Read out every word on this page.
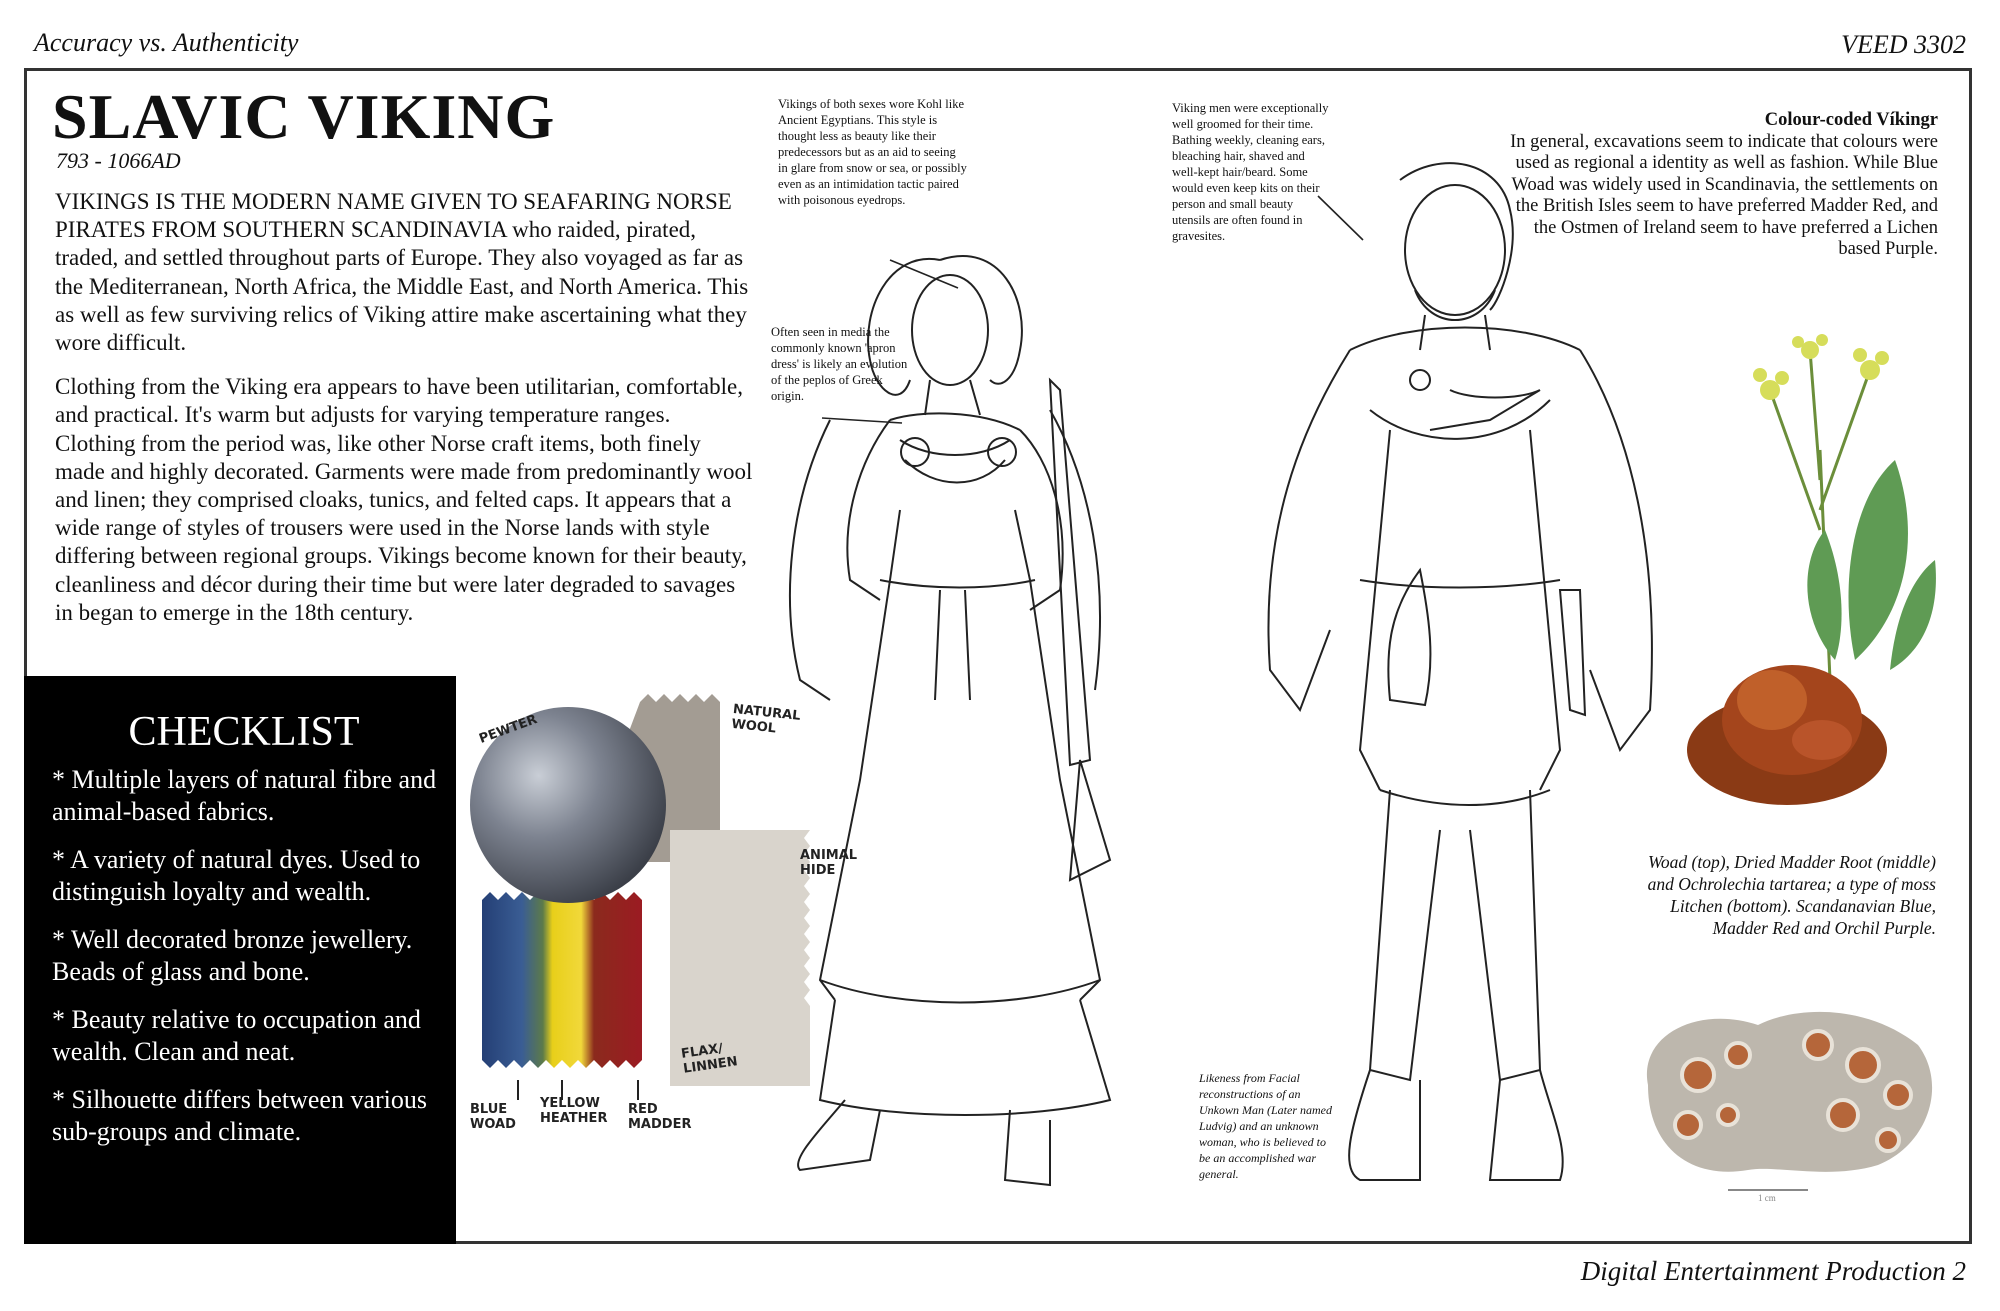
Accuracy vs. Authenticity	VEED 3302
Digital Entertainment Production 2
SLAVIC VIKING
793 - 1066AD

VIKINGS IS THE MODERN NAME GIVEN TO SEAFARING NORSE PIRATES FROM SOUTHERN SCANDINAVIA who raided, pirated, traded, and settled throughout parts of Europe. They also voyaged as far as the Mediterranean, North Africa, the Middle East, and North America. This as well as few surviving relics of Viking attire make ascertaining what they wore difficult.

Clothing from the Viking era appears to have been utilitarian, comfortable, and practical. It's warm but adjusts for varying temperature ranges. Clothing from the period was, like other Norse craft items, both finely made and highly decorated. Garments were made from predominantly wool and linen; they comprised cloaks, tunics, and felted caps. It appears that a wide range of styles of trousers were used in the Norse lands with style differing between regional groups. Vikings become known for their beauty, cleanliness and décor during their time but were later degraded to savages in began to emerge in the 18th century.

CHECKLIST
* Multiple layers of natural fibre and animal-based fabrics.
* A variety of natural dyes. Used to distinguish loyalty and wealth.
* Well decorated bronze jewellery. Beads of glass and bone.
* Beauty relative to occupation and wealth. Clean and neat.
* Silhouette differs between various sub-groups and climate.
PEWTER	NATURAL WOOL
ANIMAL HIDE
FLAX/ LINNEN
BLUE WOAD
YELLOW HEATHER
RED MADDER
Vikings of both sexes wore Kohl like Ancient Egyptians. This style is thought less as beauty like their predecessors but as an aid to seeing in glare from snow or sea, or possibly even as an intimidation tactic paired with poisonous eyedrops.
Often seen in media the commonly known 'apron dress' is likely an evolution of the peplos of Greek origin.
Viking men were exceptionally well groomed for their time. Bathing weekly, cleaning ears, bleaching hair, shaved and well-kept hair/beard. Some would even keep kits on their person and small beauty utensils are often found in gravesites.
Likeness from Facial reconstructions of an Unkown Man (Later named Ludvig) and an unknown woman, who is believed to be an accomplished war general.
Colour-coded Víkingr
In general, excavations seem to indicate that colours were used as regional a identity as well as fashion. While Blue Woad was widely used in Scandinavia, the settlements on the British Isles seem to have preferred Madder Red, and the Ostmen of Ireland seem to have preferred a Lichen based Purple.
Woad (top), Dried Madder Root (middle) and Ochrolechia tartarea; a type of moss Litchen (bottom). Scandanavian Blue, Madder Red and Orchil Purple.
1 cm
